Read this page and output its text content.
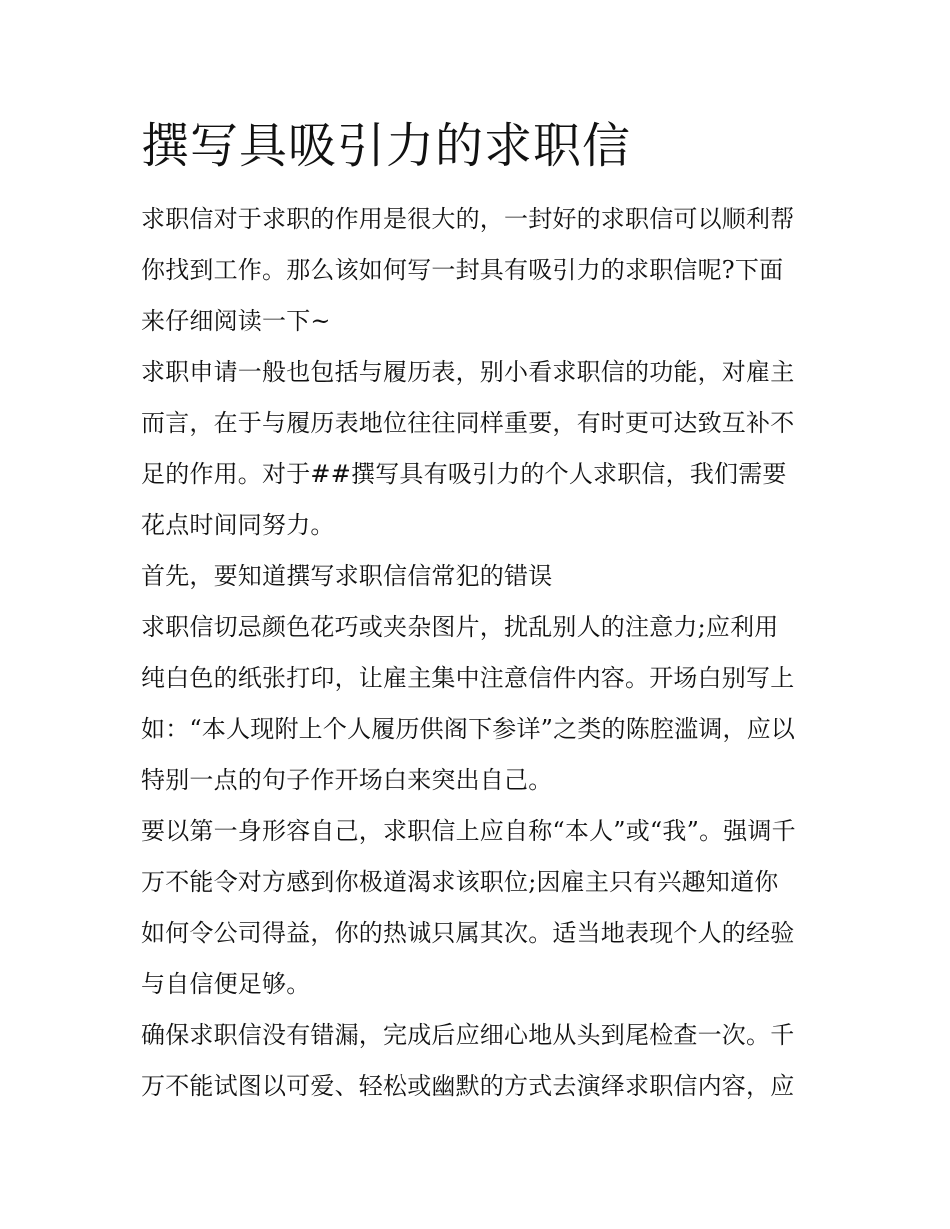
撰写具吸引力的求职信
求职信对于求职的作用是很大的，一封好的求职信可以顺利帮
你找到工作。那么该如何写一封具有吸引力的求职信呢?下面
来仔细阅读一下~
求职申请一般也包括与履历表，别小看求职信的功能，对雇主
而言，在于与履历表地位往往同样重要，有时更可达致互补不
足的作用。对于##撰写具有吸引力的个人求职信，我们需要
花点时间同努力。
首先，要知道撰写求职信信常犯的错误
求职信切忌颜色花巧或夹杂图片，扰乱别人的注意力;应利用
纯白色的纸张打印，让雇主集中注意信件内容。开场白别写上
如：“本人现附上个人履历供阁下参详”之类的陈腔滥调，应以
特别一点的句子作开场白来突出自己。
要以第一身形容自己，求职信上应自称“本人”或“我”。强调千
万不能令对方感到你极道渴求该职位;因雇主只有兴趣知道你
如何令公司得益，你的热诚只属其次。适当地表现个人的经验
与自信便足够。
确保求职信没有错漏，完成后应细心地从头到尾检查一次。千
万不能试图以可爱、轻松或幽默的方式去演绎求职信内容，应
